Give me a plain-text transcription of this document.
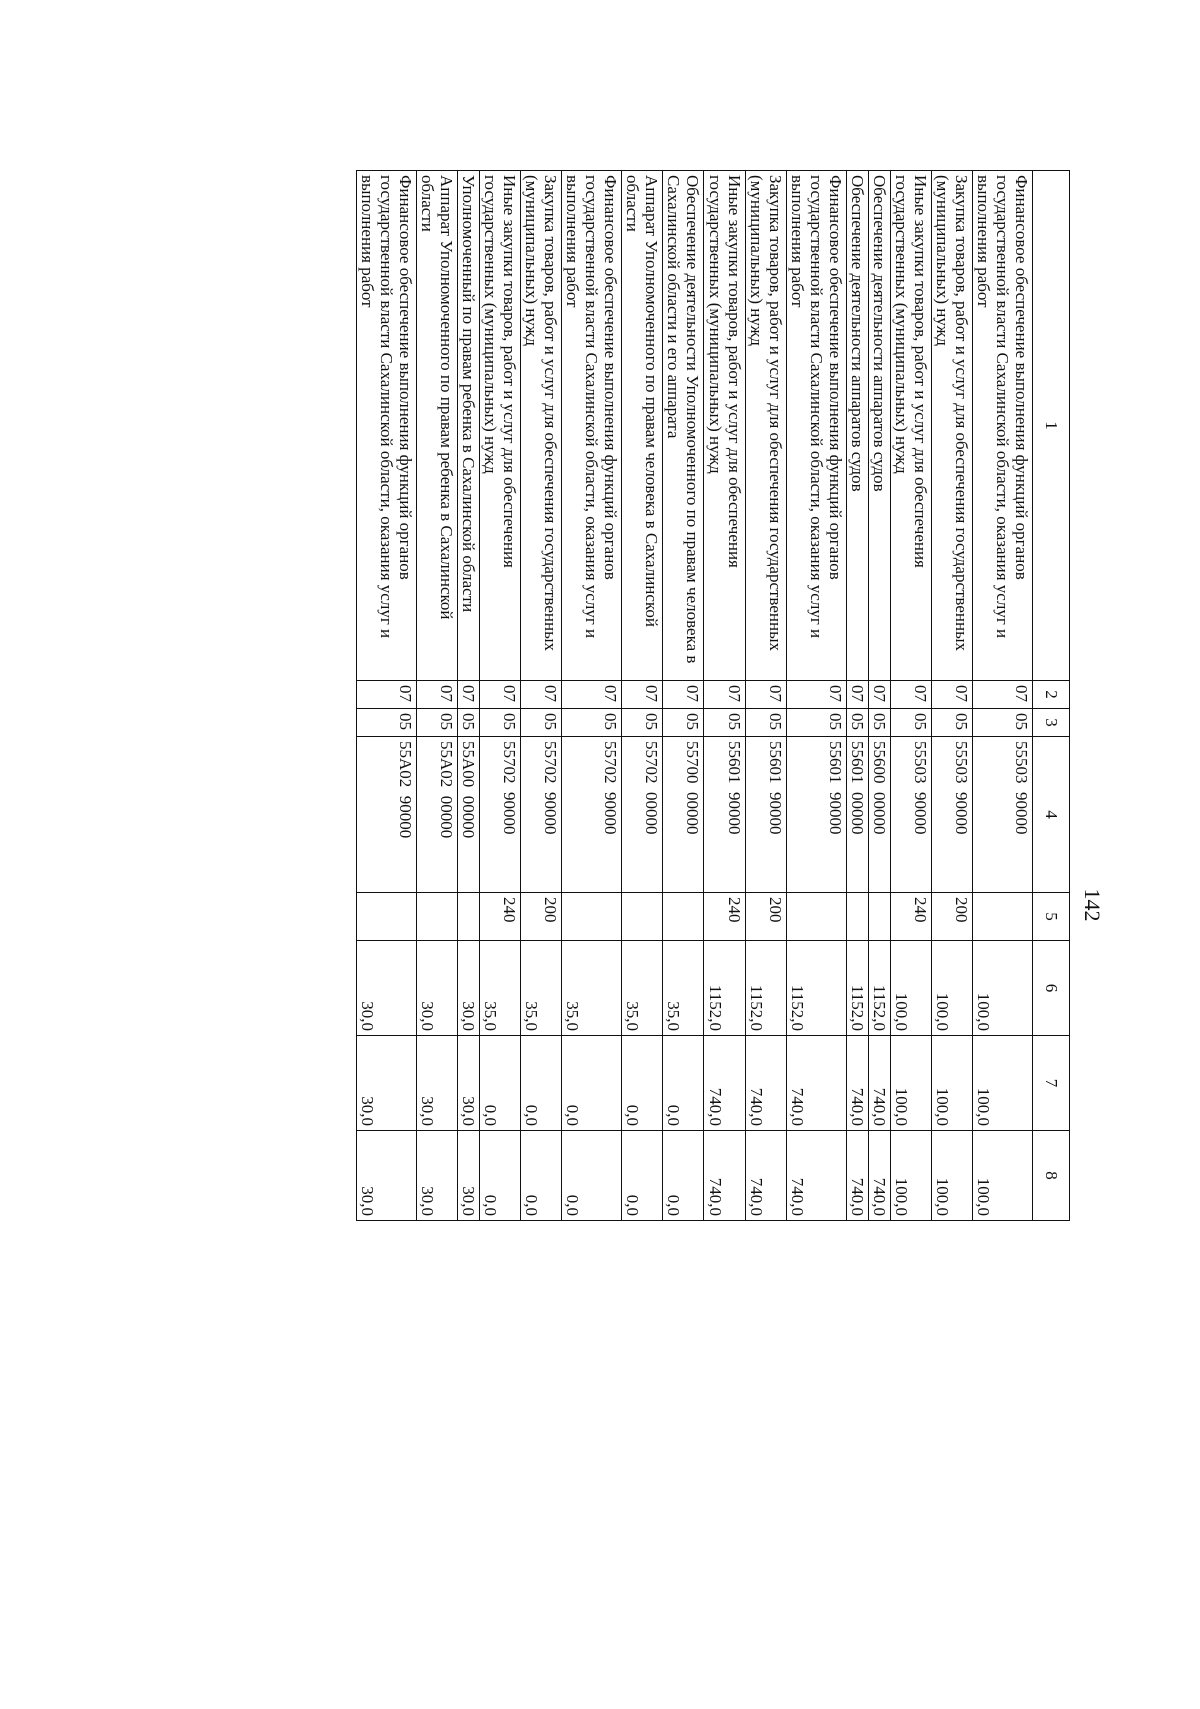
142
1	2	3	4	5	6	7	8
Финансовое обеспечение выполнения функций органов государственной власти Сахалинской области, оказания услуг и выполнения работ	07	05	55503  90000		100,0	100,0	100,0
Закупка товаров, работ и услуг для обеспечения государственных (муниципальных) нужд	07	05	55503  90000	200	100,0	100,0	100,0
Иные закупки товаров, работ и услуг для обеспечения государственных (муниципальных) нужд	07	05	55503  90000	240	100,0	100,0	100,0
Обеспечение деятельности аппаратов судов	07	05	55600  00000		1152,0	740,0	740,0
Обеспечение деятельности аппаратов судов	07	05	55601  00000		1152,0	740,0	740,0
Финансовое обеспечение выполнения функций органов государственной власти Сахалинской области, оказания услуг и выполнения работ	07	05	55601  90000		1152,0	740,0	740,0
Закупка товаров, работ и услуг для обеспечения государственных (муниципальных) нужд	07	05	55601  90000	200	1152,0	740,0	740,0
Иные закупки товаров, работ и услуг для обеспечения государственных (муниципальных) нужд	07	05	55601  90000	240	1152,0	740,0	740,0
Обеспечение деятельности Уполномоченного по правам человека в Сахалинской области и его аппарата	07	05	55700  00000		35,0	0,0	0,0
Аппарат Уполномоченного по правам человека в Сахалинской области	07	05	55702  00000		35,0	0,0	0,0
Финансовое обеспечение выполнения функций органов государственной власти Сахалинской области, оказания услуг и выполнения работ	07	05	55702  90000		35,0	0,0	0,0
Закупка товаров, работ и услуг для обеспечения государственных (муниципальных) нужд	07	05	55702  90000	200	35,0	0,0	0,0
Иные закупки товаров, работ и услуг для обеспечения государственных (муниципальных) нужд	07	05	55702  90000	240	35,0	0,0	0,0
Уполномоченный по правам ребенка в Сахалинской области	07	05	55А00  00000		30,0	30,0	30,0
Аппарат Уполномоченного по правам ребенка в Сахалинской области	07	05	55А02  00000		30,0	30,0	30,0
Финансовое обеспечение выполнения функций органов государственной власти Сахалинской области, оказания услуг и выполнения работ	07	05	55А02  90000		30,0	30,0	30,0
